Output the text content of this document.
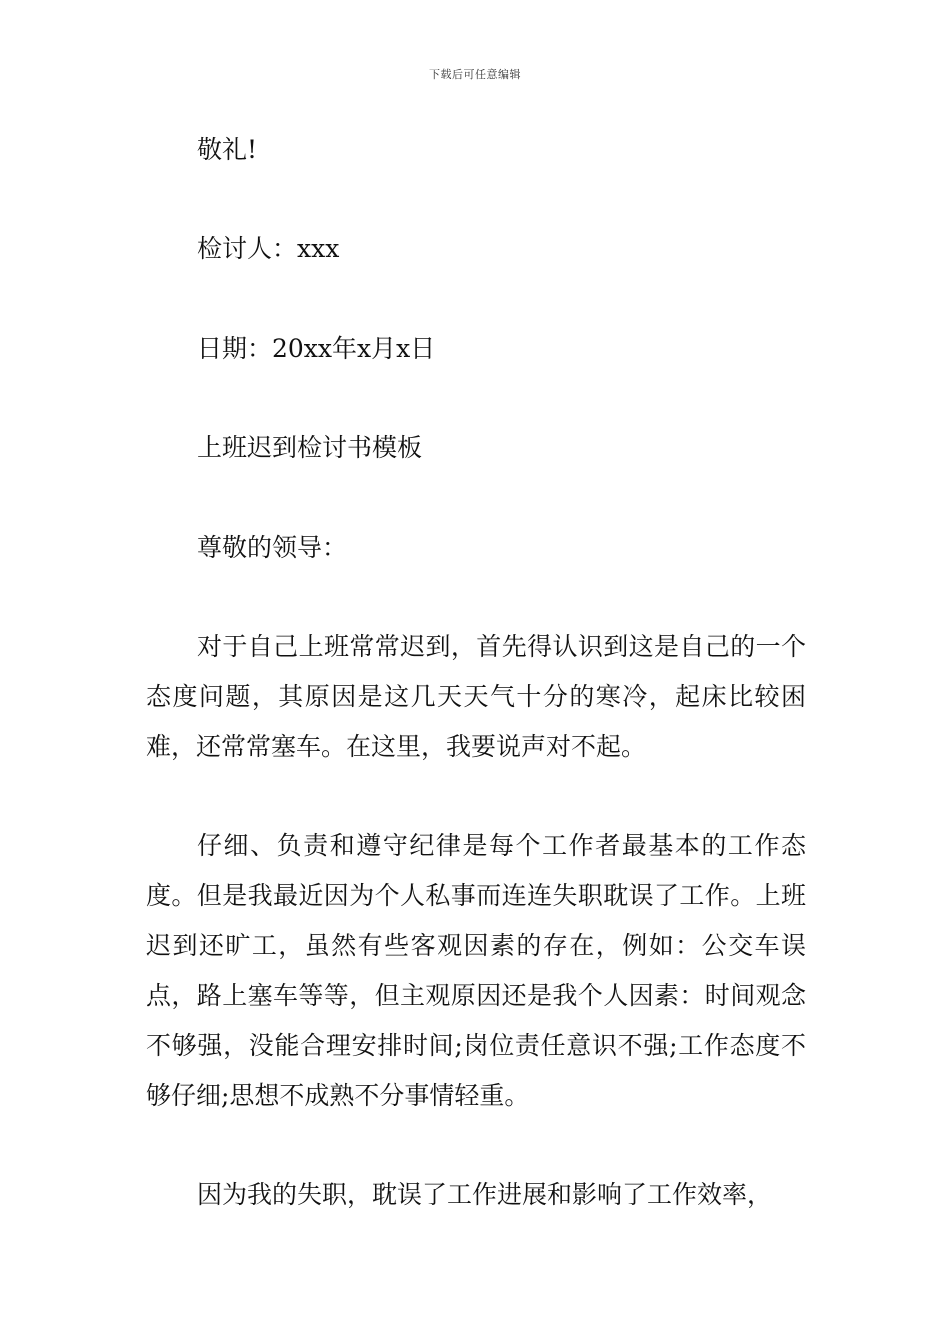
下载后可任意编辑
敬礼!
检讨人：xxx
日期：20xx年x月x日
上班迟到检讨书模板
尊敬的领导：
对于自己上班常常迟到，首先得认识到这是自己的一个态度问题，其原因是这几天天气十分的寒冷，起床比较困难，还常常塞车。在这里，我要说声对不起。
仔细、负责和遵守纪律是每个工作者最基本的工作态度。但是我最近因为个人私事而连连失职耽误了工作。上班迟到还旷工，虽然有些客观因素的存在，例如：公交车误点，路上塞车等等，但主观原因还是我个人因素：时间观念不够强，没能合理安排时间;岗位责任意识不强;工作态度不够仔细;思想不成熟不分事情轻重。
因为我的失职，耽误了工作进展和影响了工作效率，
